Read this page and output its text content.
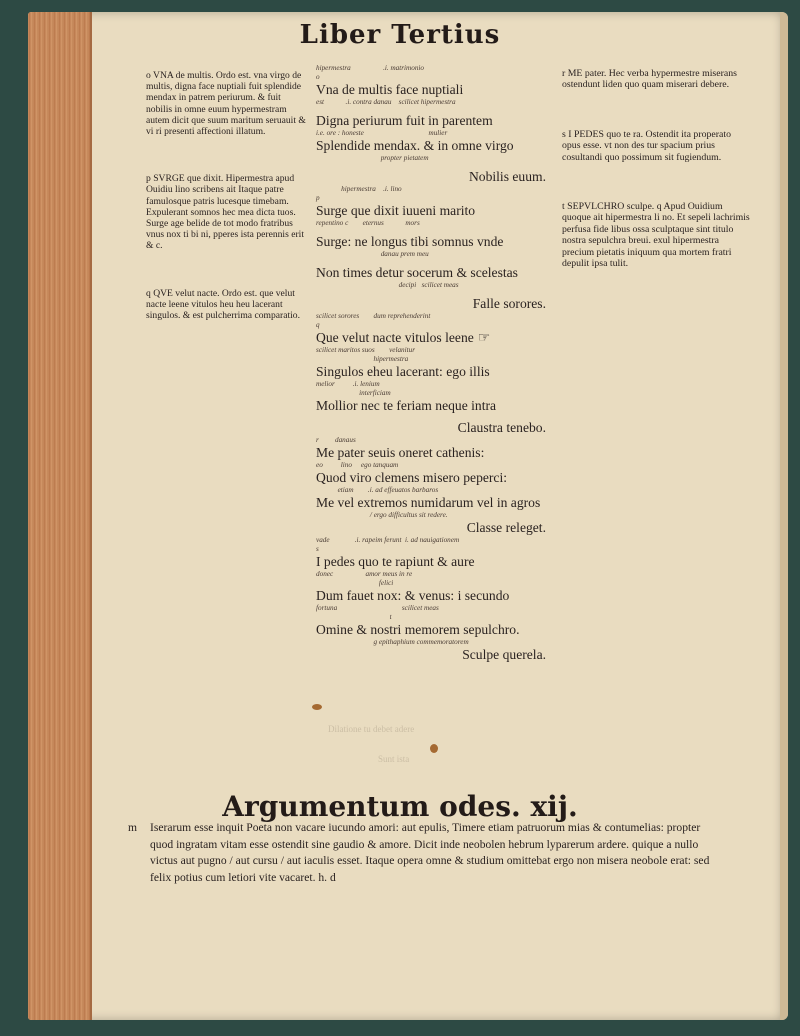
Dilatione tu debet adere
Sunt ista
Liber Tertius

o VNA de multis. Ordo est. vna virgo de multis, digna face nuptiali fuit splendide mendax in patrem periurum. & fuit nobilis in omne euum hypermestram autem dicit que suum maritum seruauit & vi ri presenti affectioni illatum.

p SVRGE que dixit. Hipermestra apud Ouidiu lino scribens ait Itaque patre famulosque patris lucesque timebam. Expulerant somnos hec mea dicta tuos. Surge age belide de tot modo fratribus vnus nox ti bi ni, pperes ista perennis erit & c.

q QVE velut nacte. Ordo est. que velut nacte leene vitulos heu heu lacerant singulos. & est pulcherrima comparatio.

r ME pater. Hec verba hypermestre miserans ostendunt liden quo quam miserari debere.

s I PEDES quo te ra. Ostendit ita properato opus esse. vt non des tur spacium prius cosultandi quo possimum sit fugiendum.

t SEPVLCHRO sculpe. q Apud Ouidium quoque ait hipermestra li no. Et sepeli lachrimis perfusa fide libus ossa sculptaque sint titulo nostra sepulchra breui. exul hipermestra precium pietatis iniquum qua mortem fratri depulit ipsa tulit.

hipermestra                  .i. matrimonio
o
Vna de multis face nuptiali
est            .i. contra danau    scilicet hipermestra
Digna periurum fuit in parentem
i.e. ore : honeste                                    mulier
Splendide mendax. & in omne virgo
propter pietatem
Nobilis euum.
hipermestra    .i. lino
p
Surge que dixit iuueni marito
repentino c        eternus            mors
Surge: ne longus tibi somnus vnde
danau prem meu
Non times detur socerum & scelestas
decipi   scilicet meas
Falle sorores.
scilicet sorores        dum reprehenderint
q
Que velut nacte vitulos leene ☞
scilicet maritos suos        velanitur
hipermestra
Singulos eheu lacerant: ego illis
melior          .i. lenium
interficiam
Mollior nec te feriam neque intra
Claustra tenebo.
r         danaus
Me pater seuis oneret cathenis:
eo          lino     ego tanquam
Quod viro clemens misero peperci:
etiam        .i. ad effeuatos barbaros
Me vel extremos numidarum vel in agros
/ ergo difficultus sit redere.
Classe releget.
vade              .i. rapeim ferunt  i. ad nauigationem
s
I pedes quo te rapiunt & aure
donec                  amor meus in re
felici
Dum fauet nox: & venus: i secundo
fortuna                                    scilicet meas
t
Omine & nostri memorem sepulchro.
g epithaphium commemoratorem
Sculpe querela.
Argumentum odes. xij.
m Iserarum esse inquit Poeta non vacare iucundo amori: aut epulis, Timere etiam patruorum mias & contumelias: propter quod ingratam vitam esse ostendit sine gaudio & amore. Dicit inde neobolen hebrum lyparerum ardere. quique a nullo victus aut pugno / aut cursu / aut iaculis esset. Itaque opera omne & studium omittebat ergo non misera neobole erat: sed felix potius cum letiori vite vacaret. h. d
